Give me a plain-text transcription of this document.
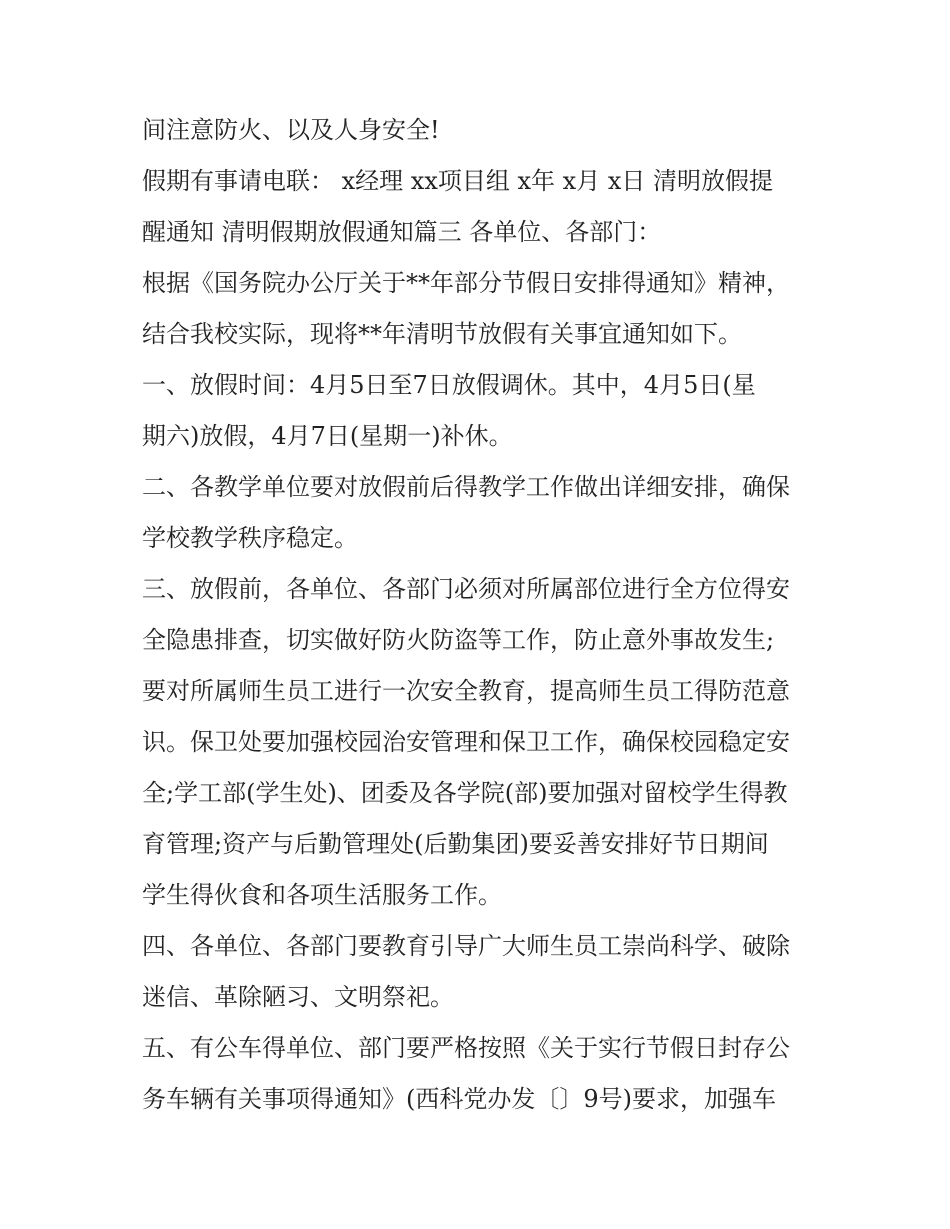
间注意防火、以及人身安全!
假期有事请电联： x经理 xx项目组 x年 x月 x日 清明放假提
醒通知 清明假期放假通知篇三 各单位、各部门：
根据《国务院办公厅关于**年部分节假日安排得通知》精神，
结合我校实际，现将**年清明节放假有关事宜通知如下。
一、放假时间：4月5日至7日放假调休。其中，4月5日(星
期六)放假，4月7日(星期一)补休。
二、各教学单位要对放假前后得教学工作做出详细安排，确保
学校教学秩序稳定。
三、放假前，各单位、各部门必须对所属部位进行全方位得安
全隐患排查，切实做好防火防盗等工作，防止意外事故发生;
要对所属师生员工进行一次安全教育，提高师生员工得防范意
识。保卫处要加强校园治安管理和保卫工作，确保校园稳定安
全;学工部(学生处)、团委及各学院(部)要加强对留校学生得教
育管理;资产与后勤管理处(后勤集团)要妥善安排好节日期间
学生得伙食和各项生活服务工作。
四、各单位、各部门要教育引导广大师生员工崇尚科学、破除
迷信、革除陋习、文明祭祀。
五、有公车得单位、部门要严格按照《关于实行节假日封存公
务车辆有关事项得通知》(西科党办发〔〕9号)要求，加强车
